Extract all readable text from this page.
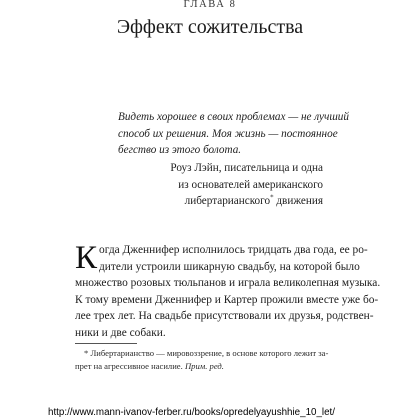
ГЛАВА 8
Эффект сожительства

Видеть хорошее в своих проблемах — не лучший

способ их решения. Моя жизнь — постоянное

бегство из этого болота.

Роуз Лэйн, писательница и одна
из основателей американского
либертарианского* движения
К огда Дженнифер исполнилось тридцать два года, ее ро-
дители устроили шикарную свадьбу, на которой было
множество розовых тюльпанов и играла великолепная музыка.
К тому времени Дженнифер и Картер прожили вместе уже бо-
лее трех лет. На свадьбе присутствовали их друзья, родствен-
ники и две собаки.
* Либертарианство — мировоззрение, в основе которого лежит за-
прет на агрессивное насилие. Прим. ред.
http://www.mann-ivanov-ferber.ru/books/opredelyayushhie_10_let/
